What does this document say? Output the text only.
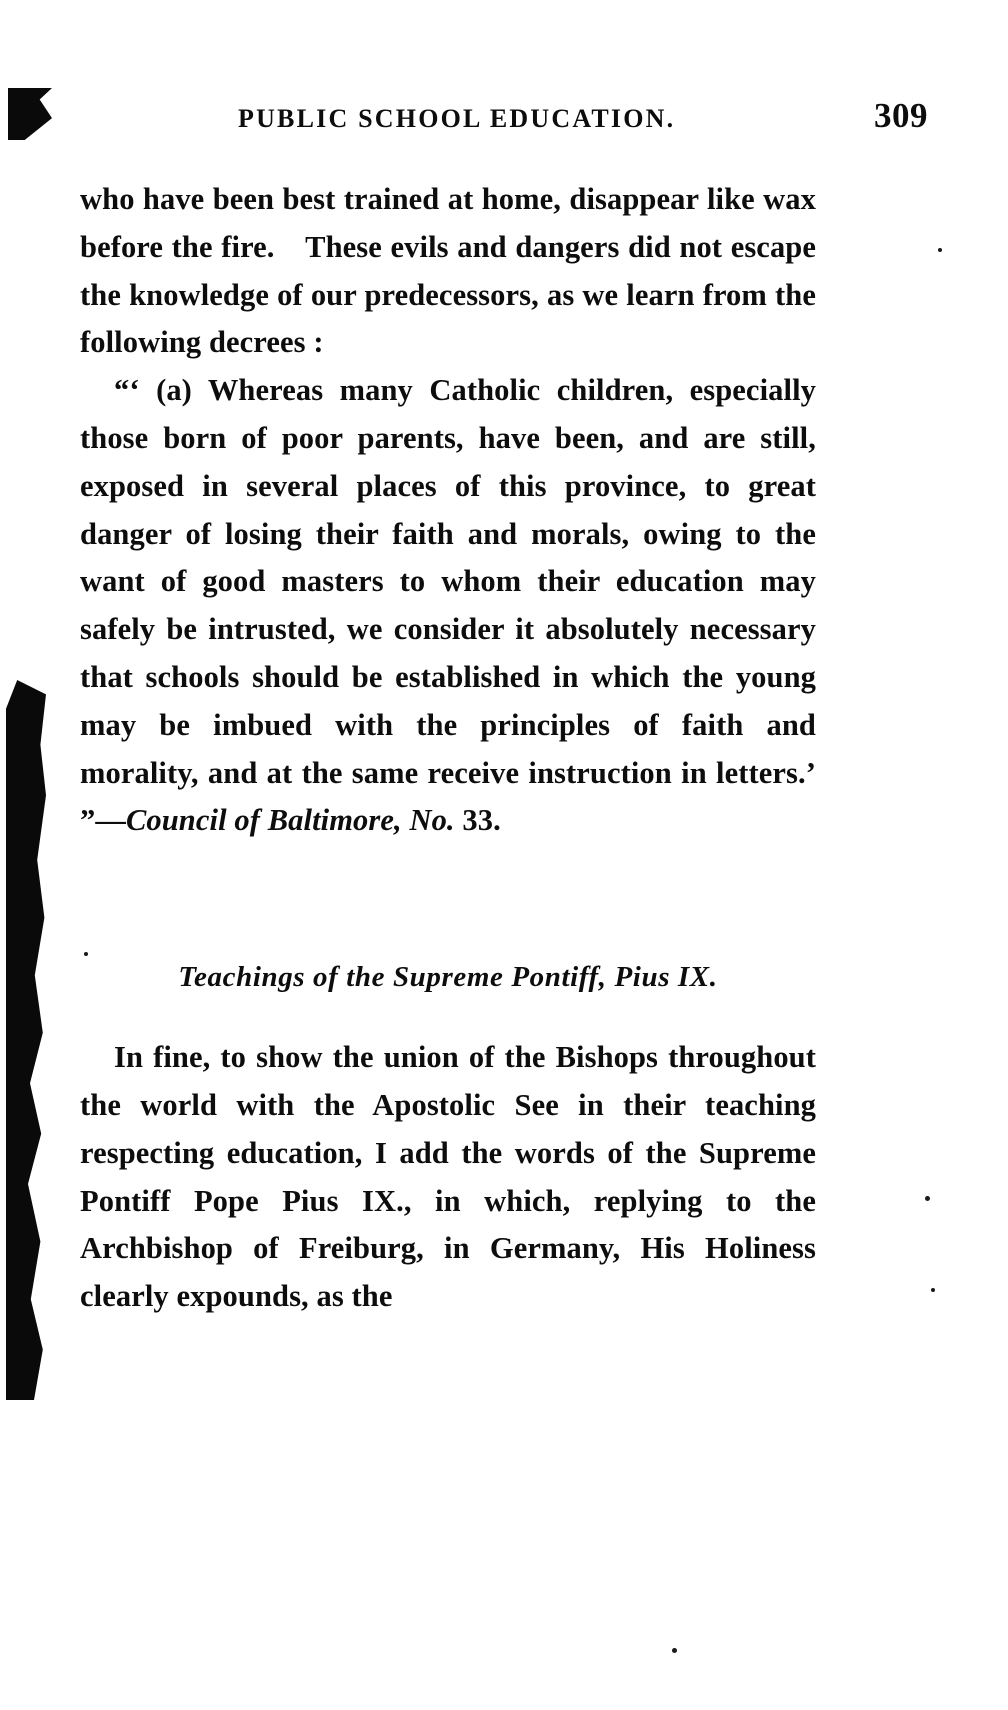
PUBLIC SCHOOL EDUCATION.	309

who have been best trained at home, disappear like wax before the fire. These evils and dangers did not escape the knowledge of our predecessors, as we learn from the following decrees :

“‘ (a) Whereas many Catholic children, especially those born of poor parents, have been, and are still, exposed in several places of this province, to great danger of losing their faith and morals, owing to the want of good masters to whom their education may safely be intrusted, we consider it absolutely necessary that schools should be established in which the young may be imbued with the principles of faith and morality, and at the same receive instruction in letters.’ ”—Council of Baltimore, No. 33.

Teachings of the Supreme Pontiff, Pius IX.

In fine, to show the union of the Bishops throughout the world with the Apostolic See in their teaching respecting education, I add the words of the Supreme Pontiff Pope Pius IX., in which, replying to the Archbishop of Freiburg, in Germany, His Holiness clearly expounds, as the
